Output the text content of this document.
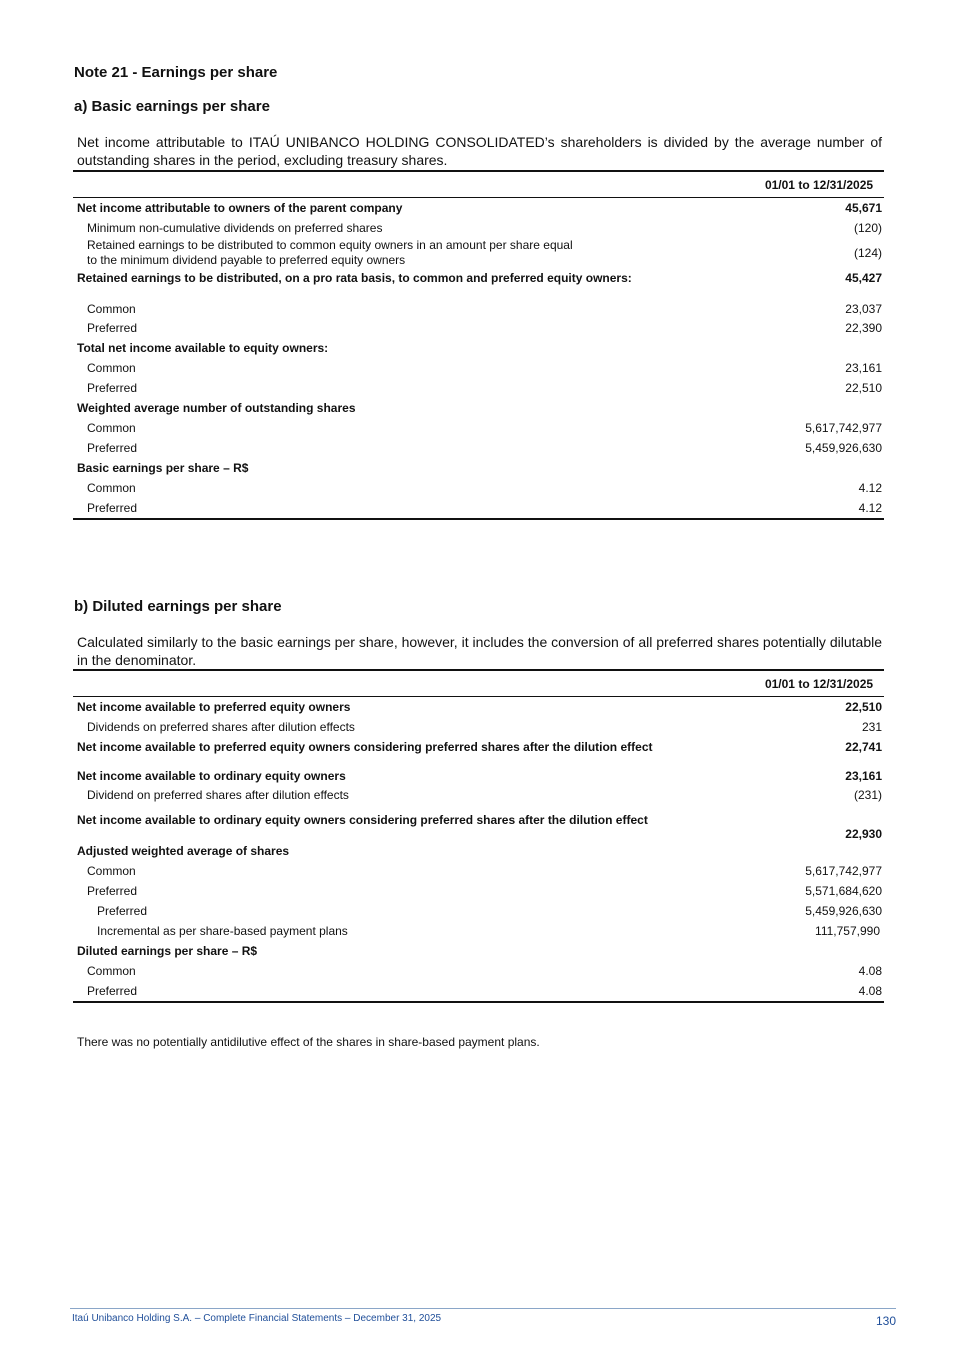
Note 21 - Earnings per share
a) Basic earnings per share
Net income attributable to ITAÚ UNIBANCO HOLDING CONSOLIDATED’s shareholders is divided by the average number of outstanding shares in the period, excluding treasury shares.
	01/01 to 12/31/2025
Net income attributable to owners of the parent company	45,671
Minimum non-cumulative dividends on preferred shares	(120)
Retained earnings to be distributed to common equity owners in an amount per share equal to the minimum dividend payable to preferred equity owners	(124)
Retained earnings to be distributed, on a pro rata basis, to common and preferred equity owners:	45,427
Common	23,037
Preferred	22,390
Total net income available to equity owners:	
Common	23,161
Preferred	22,510
Weighted average number of outstanding shares	
Common	5,617,742,977
Preferred	5,459,926,630
Basic earnings per share – R$	
Common	4.12
Preferred	4.12
b) Diluted earnings per share
Calculated similarly to the basic earnings per share, however, it includes the conversion of all preferred shares potentially dilutable in the denominator.
	01/01 to 12/31/2025
Net income available to preferred equity owners	22,510
Dividends on preferred shares after dilution effects	231
Net income available to preferred equity owners considering preferred shares after the dilution effect	22,741
Net income available to ordinary equity owners	23,161
Dividend on preferred shares after dilution effects	(231)
Net income available to ordinary equity owners considering preferred shares after the dilution effect	22,930
Adjusted weighted average of shares	
Common	5,617,742,977
Preferred	5,571,684,620
Preferred	5,459,926,630
Incremental as per share-based payment plans	111,757,990
Diluted earnings per share – R$	
Common	4.08
Preferred	4.08
There was no potentially antidilutive effect of the shares in share-based payment plans.
Itaú Unibanco Holding S.A. – Complete Financial Statements – December 31, 2025	130
